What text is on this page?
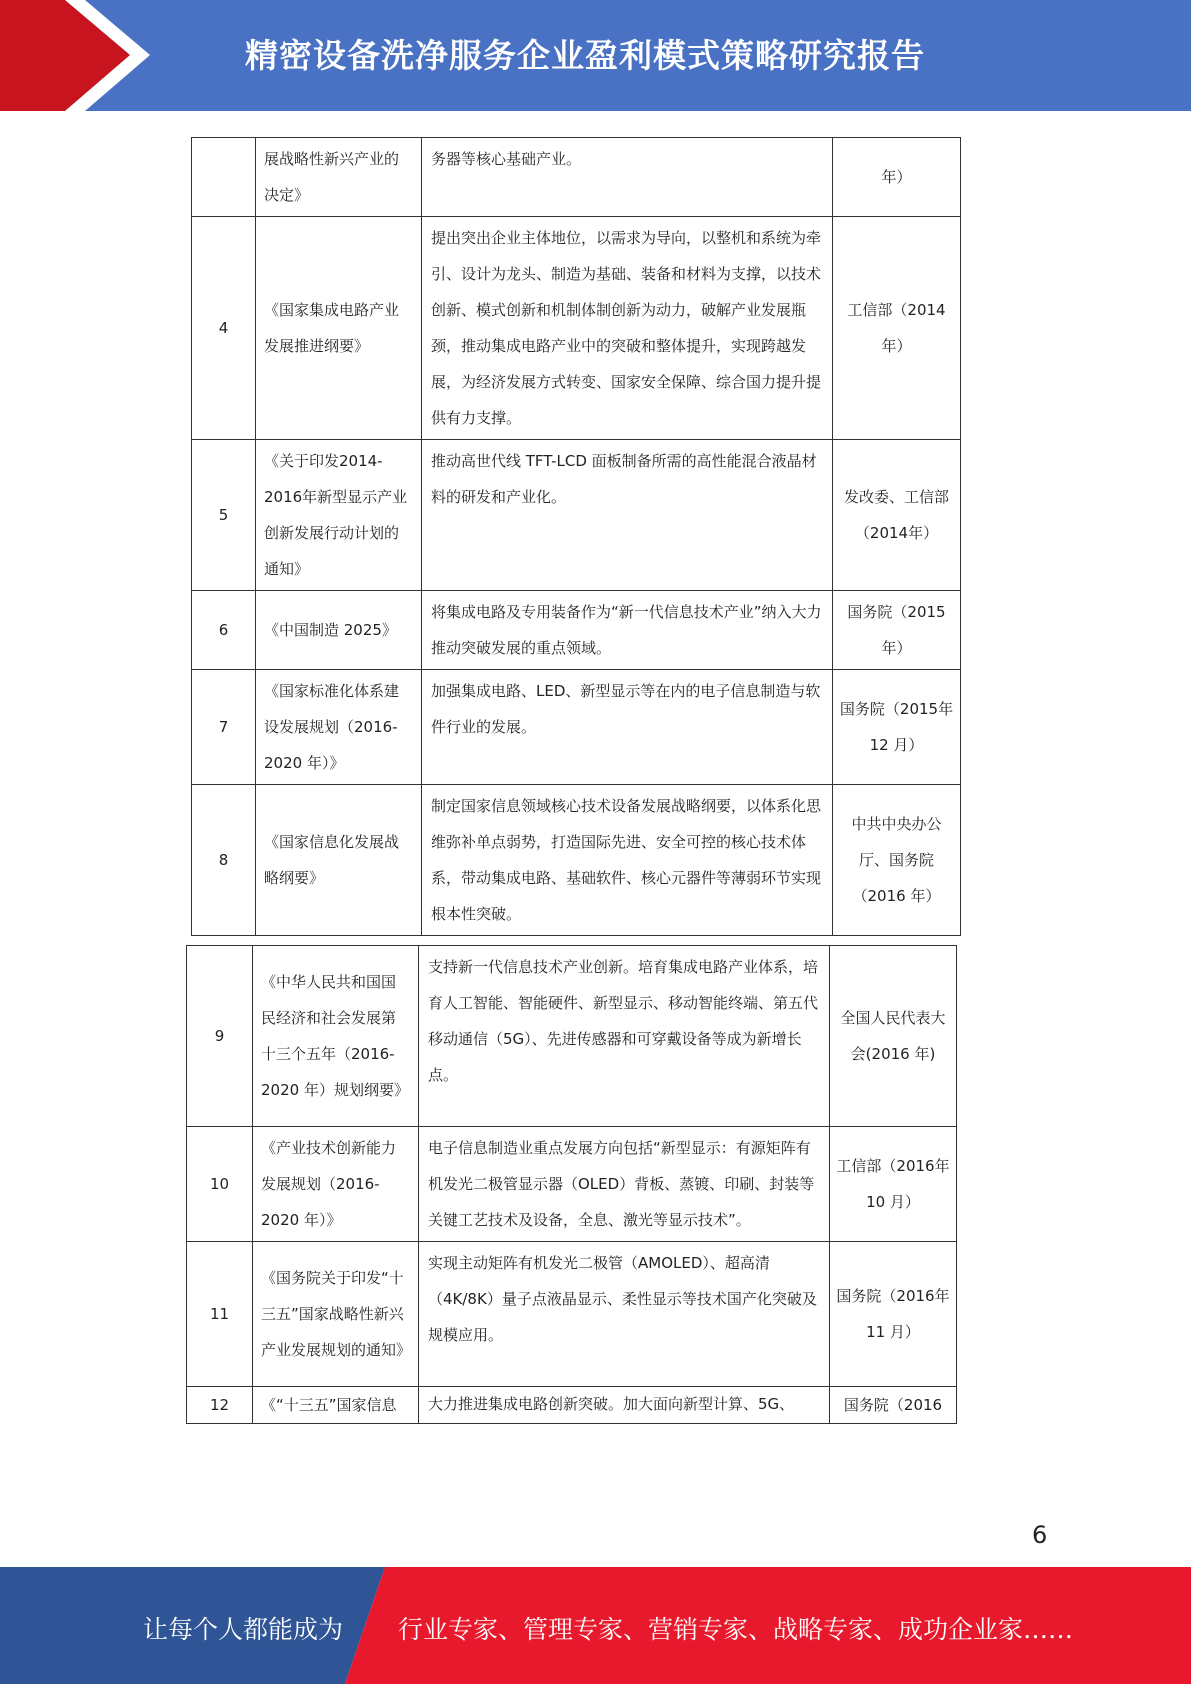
精密设备洗净服务企业盈利模式策略研究报告
	展战略性新兴产业的决定》	务器等核心基础产业。	年）
4	《国家集成电路产业发展推进纲要》	提出突出企业主体地位，以需求为导向，以整机和系统为牵引、设计为龙头、制造为基础、装备和材料为支撑，以技术创新、模式创新和机制体制创新为动力，破解产业发展瓶颈，推动集成电路产业中的突破和整体提升，实现跨越发展，为经济发展方式转变、国家安全保障、综合国力提升提供有力支撑。	工信部（2014年）
5	《关于印发2014-2016年新型显示产业创新发展行动计划的通知》	推动高世代线 TFT-LCD 面板制备所需的高性能混合液晶材料的研发和产业化。	发改委、工信部（2014年）
6	《中国制造 2025》	将集成电路及专用装备作为“新一代信息技术产业”纳入大力推动突破发展的重点领域。	国务院（2015年）
7	《国家标准化体系建设发展规划（2016-2020 年）》	加强集成电路、LED、新型显示等在内的电子信息制造与软件行业的发展。	国务院（2015年 12 月）
8	《国家信息化发展战略纲要》	制定国家信息领域核心技术设备发展战略纲要，以体系化思维弥补单点弱势，打造国际先进、安全可控的核心技术体系，带动集成电路、基础软件、核心元器件等薄弱环节实现根本性突破。	中共中央办公厅、国务院（2016 年）
9	《中华人民共和国国民经济和社会发展第十三个五年（2016-2020 年）规划纲要》	支持新一代信息技术产业创新。培育集成电路产业体系，培育人工智能、智能硬件、新型显示、移动智能终端、第五代移动通信（5G）、先进传感器和可穿戴设备等成为新增长点。	全国人民代表大会(2016 年)
10	《产业技术创新能力发展规划（2016-2020 年）》	电子信息制造业重点发展方向包括“新型显示：有源矩阵有机发光二极管显示器（OLED）背板、蒸镀、印刷、封装等关键工艺技术及设备，全息、激光等显示技术”。	工信部（2016年 10 月）
11	《国务院关于印发“十三五”国家战略性新兴产业发展规划的通知》	实现主动矩阵有机发光二极管（AMOLED）、超高清（4K/8K）量子点液晶显示、柔性显示等技术国产化突破及规模应用。	国务院（2016年 11 月）
12	《“十三五”国家信息	大力推进集成电路创新突破。加大面向新型计算、5G、	国务院（2016
6
让每个人都能成为 行业专家、管理专家、营销专家、战略专家、成功企业家……
